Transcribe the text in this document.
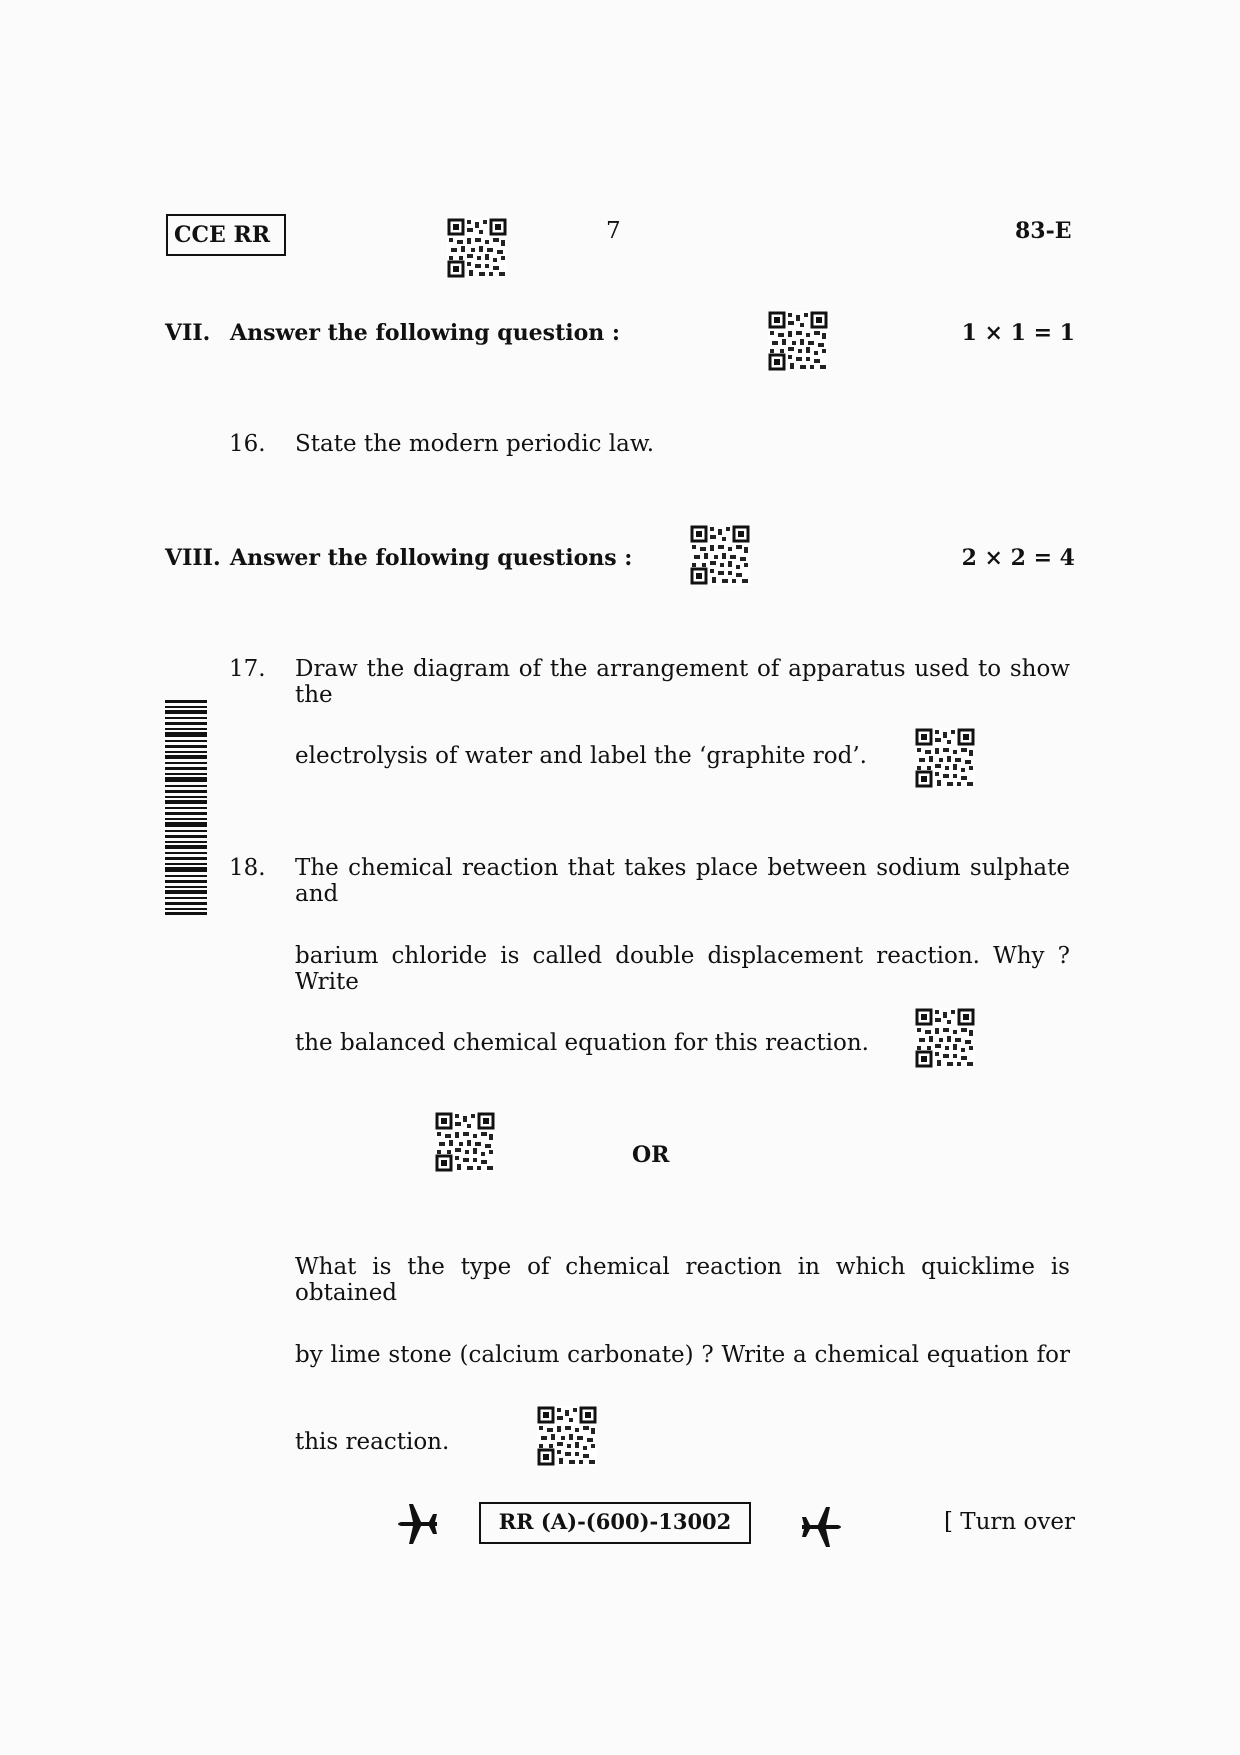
CCE RR	7	83-E
VII. Answer the following question :	1 × 1 = 1
16. State the modern periodic law.
VIII. Answer the following questions :	2 × 2 = 4
17. Draw the diagram of the arrangement of apparatus used to show the
electrolysis of water and label the ‘graphite rod’.
18. The chemical reaction that takes place between sodium sulphate and
barium chloride is called double displacement reaction. Why ? Write
the balanced chemical equation for this reaction.
OR
What is the type of chemical reaction in which quicklime is obtained
by lime stone (calcium carbonate) ? Write a chemical equation for
this reaction.
RR (A)-(600)-13002	[ Turn over
